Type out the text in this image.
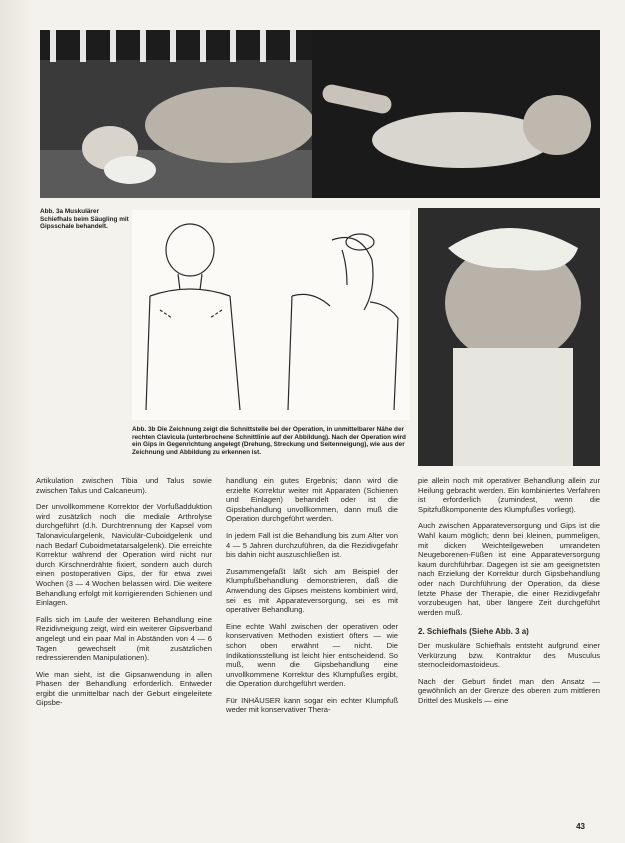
Abb. 3a Muskulärer Schiefhals beim Säugling mit Gipsschale behandelt.
Abb. 3b Die Zeichnung zeigt die Schnittstelle bei der Operation, in unmittelbarer Nähe der rechten Clavicula (unterbrochene Schnittlinie auf der Abbildung). Nach der Operation wird ein Gips in Gegenrichtung angelegt (Drehung, Streckung und Seitenneigung), wie aus der Zeichnung und Abbildung zu erkennen ist.

Artikulation zwischen Tibia und Talus sowie zwischen Talus und Calcaneum).

Der unvollkommene Korrektor der Vorfußadduktion wird zusätzlich noch die mediale Arthrolyse durchgeführt (d.h. Durchtrennung der Kapsel vom Talonaviculargelenk, Naviculär-Cuboidgelenk und nach Bedarf Cuboidmetatarsalgelenk). Die erreichte Korrektur während der Operation wird nicht nur durch Kirschnerdrähte fixiert, sondern auch durch einen postoperativen Gips, der für etwa zwei Wochen (3 — 4 Wochen belassen wird. Die weitere Behandlung erfolgt mit korrigierenden Schienen und Einlagen.

Falls sich im Laufe der weiteren Behandlung eine Rezidivneigung zeigt, wird ein weiterer Gipsverband angelegt und ein paar Mal in Abständen von 4 — 6 Tagen gewechselt (mit zusätzlichen redressierenden Manipulationen).

Wie man sieht, ist die Gipsanwendung in allen Phasen der Behandlung erforderlich. Entweder ergibt die unmittelbar nach der Geburt eingeleitete Gipsbe-

handlung ein gutes Ergebnis; dann wird die erzielte Korrektur weiter mit Apparaten (Schienen und Einlagen) behandelt oder ist die Gipsbehandlung unvollkommen, dann muß die Operation durchgeführt werden.

In jedem Fall ist die Behandlung bis zum Alter von 4 — 5 Jahren durchzuführen, da die Rezidivgefahr bis dahin nicht auszuschließen ist.

Zusammengefaßt läßt sich am Beispiel der Klumpfußbehandlung demonstrieren, daß die Anwendung des Gipses meistens kombiniert wird, sei es mit Apparateversorgung, sei es mit operativer Behandlung.

Eine echte Wahl zwischen der operativen oder konservativen Methoden existiert öfters — wie schon oben erwähnt — nicht. Die Indikationsstellung ist leicht hier entscheidend. So muß, wenn die Gipsbehandlung eine unvollkommene Korrektur des Klumpfußes ergibt, die Operation durchgeführt werden.

Für INHÄUSER kann sogar ein echter Klumpfuß weder mit konservativer Thera-

pie allein noch mit operativer Behandlung allein zur Heilung gebracht werden. Ein kombiniertes Verfahren ist erforderlich (zumindest, wenn die Spitzfußkomponente des Klumpfußes vorliegt).

Auch zwischen Apparateversorgung und Gips ist die Wahl kaum möglich; denn bei kleinen, pummeligen, mit dicken Weichteilgeweben umrandeten Neugeborenen-Füßen ist eine Apparateversorgung kaum durchführbar. Dagegen ist sie am geeignetsten nach Erzielung der Korrektur durch Gipsbehandlung oder nach Durchführung der Operation, da diese letzte Phase der Therapie, die einer Rezidivgefahr vorzubeugen hat, über längere Zeit durchgeführt werden muß.

2. Schiefhals (Siehe Abb. 3 a)

Der muskuläre Schiefhals entsteht aufgrund einer Verkürzung bzw. Kontraktur des Musculus sternocleidomastoideus.

Nach der Geburt findet man den Ansatz — gewöhnlich an der Grenze des oberen zum mittleren Drittel des Muskels — eine

43
